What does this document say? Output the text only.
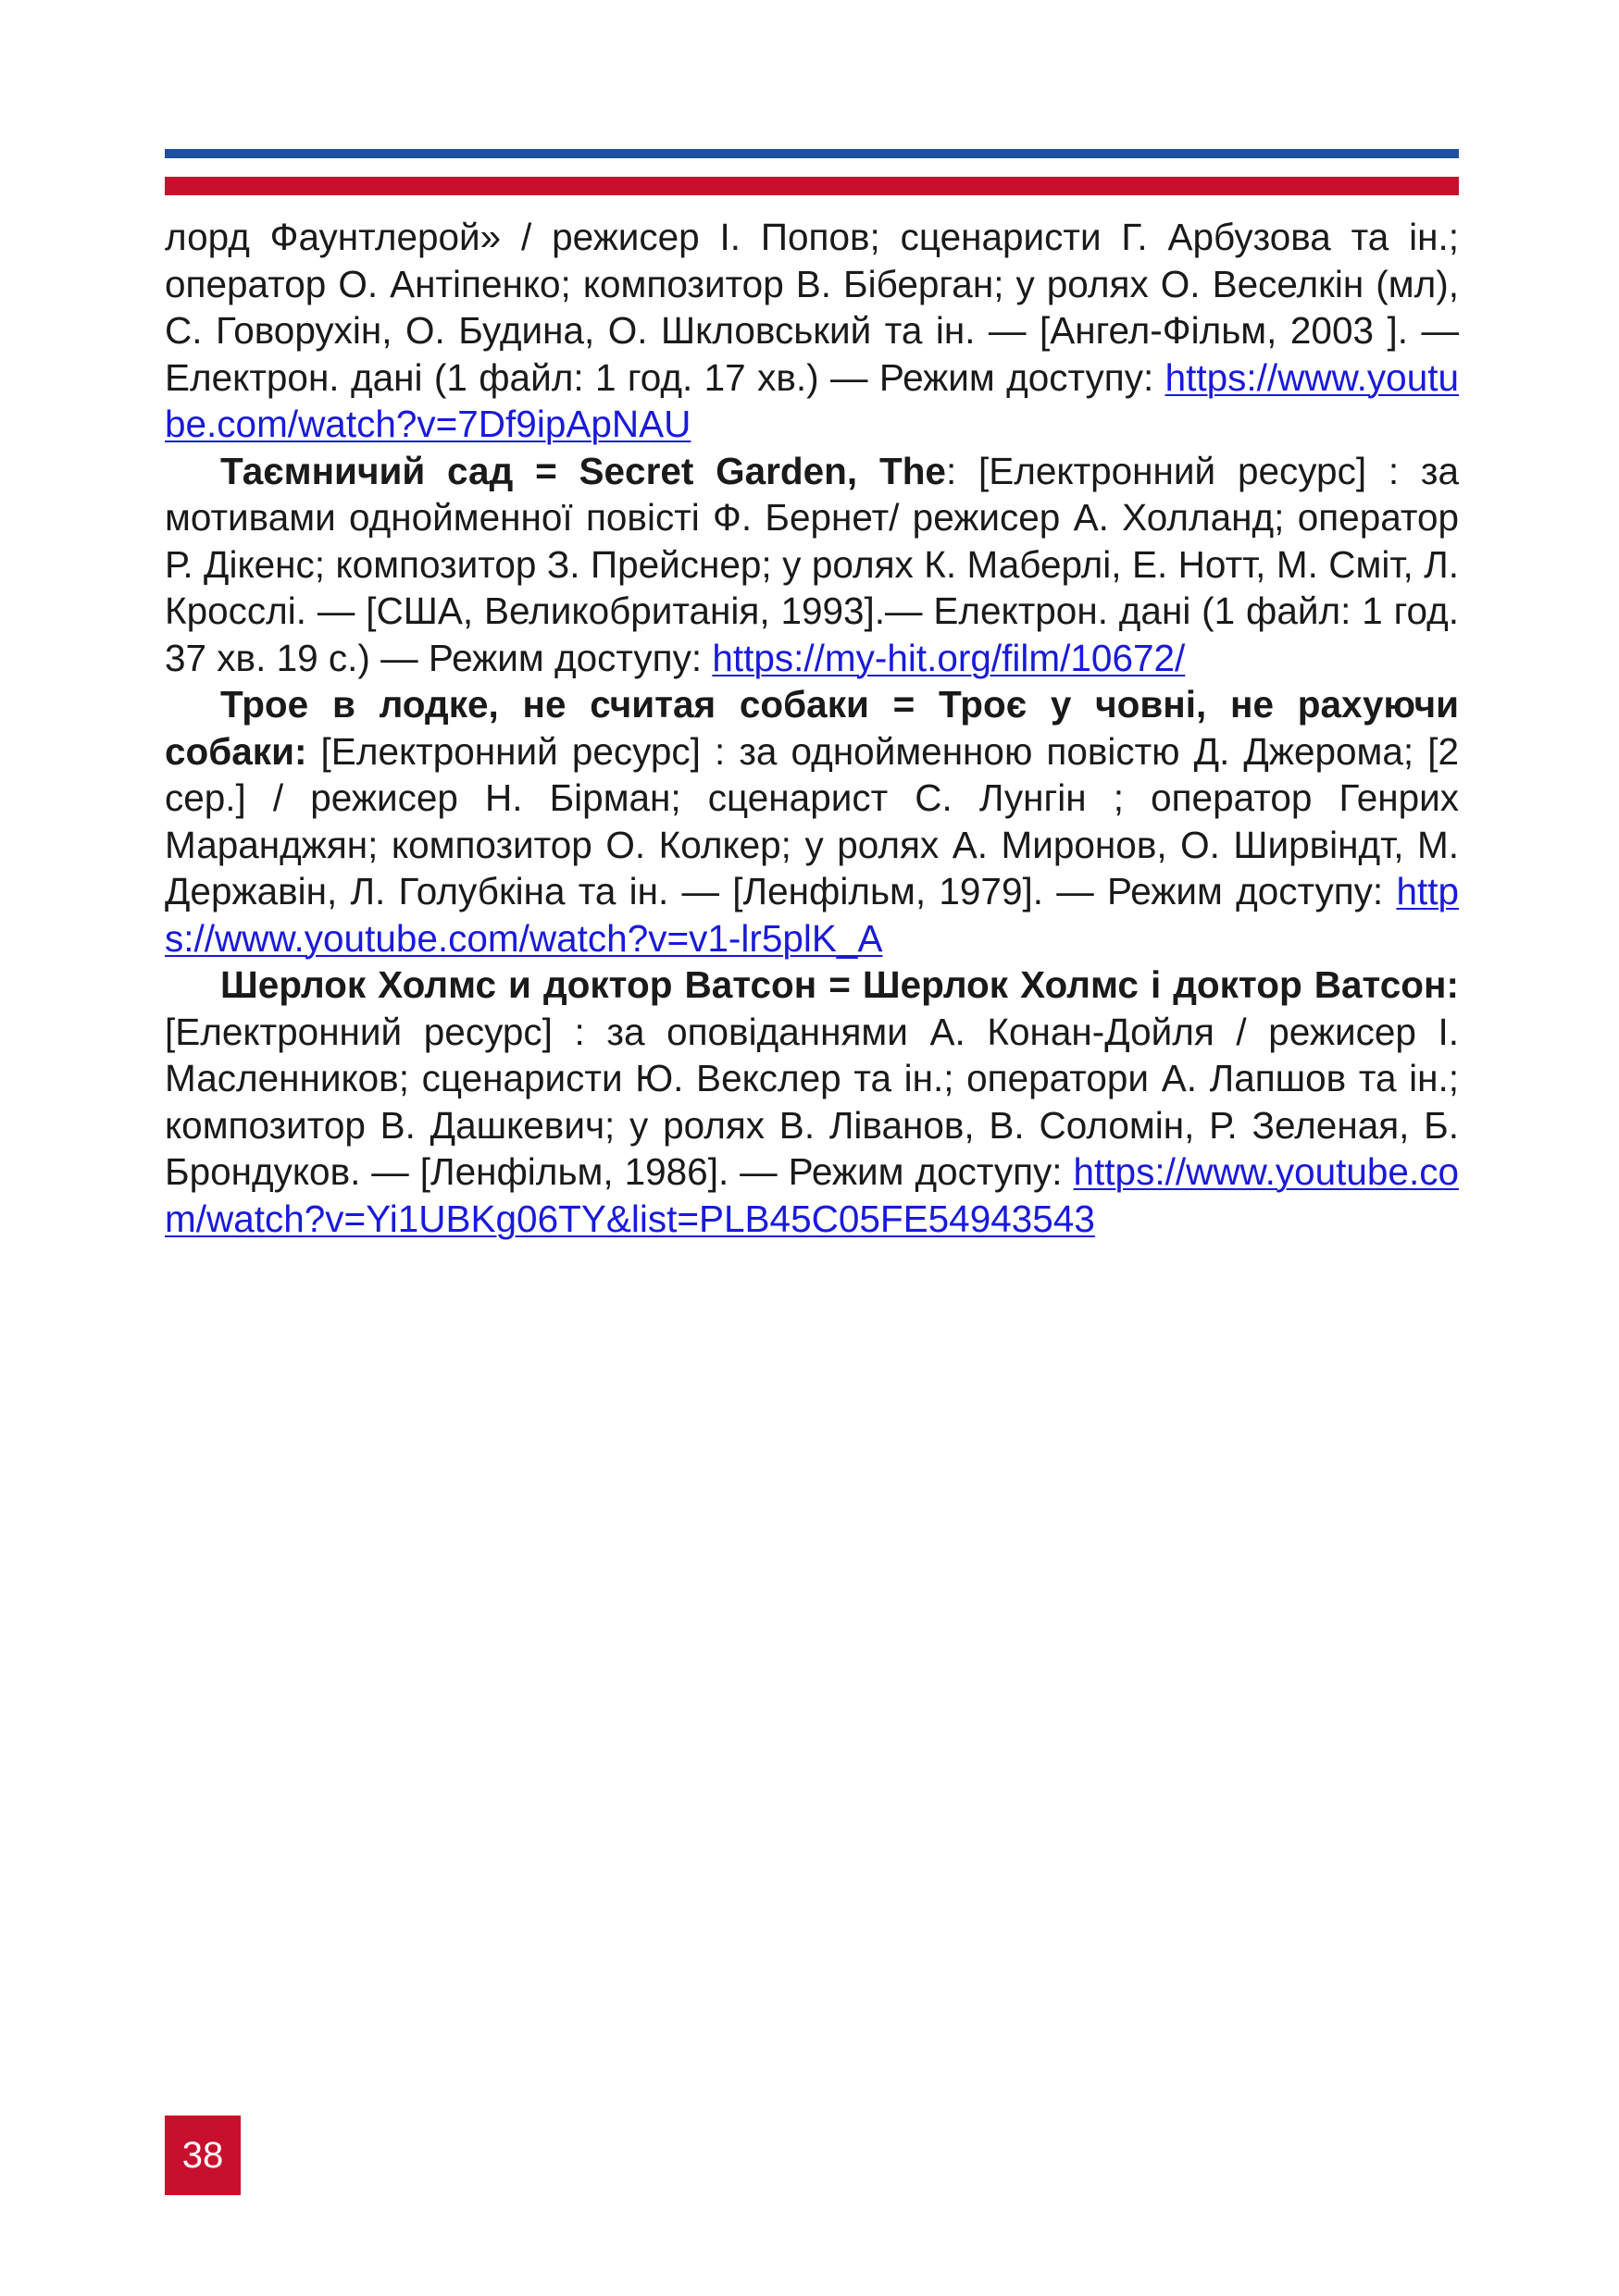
лорд Фаунтлерой» / режисер І. Попов; сценаристи Г. Арбузова та ін.; оператор О. Антіпенко; композитор В. Біберган; у ролях О. Веселкін (мл), С. Говорухін, О. Будина, О. Шкловський та ін. — [Ангел-Фільм, 2003 ]. — Електрон. дані (1 файл: 1 год. 17 хв.) — Режим доступу: https://www.youtube.com/watch?v=7Df9ipApNAU

Таємничий сад = Secret Garden, The: [Електронний ресурс] : за мотивами однойменної повісті Ф. Бернет/ режисер А. Холланд; оператор Р. Дікенс; композитор З. Прейснер; у ролях К. Маберлі, Е. Нотт, М. Сміт, Л. Кросслі. — [США, Великобританія, 1993].— Електрон. дані (1 файл: 1 год. 37 хв. 19 с.) — Режим доступу: https://my-hit.org/film/10672/

Трое в лодке, не считая собаки = Троє у човні, не рахуючи собаки: [Електронний ресурс] : за однойменною повістю Д. Джерома; [2 сер.] / режисер Н. Бірман; сценарист С. Лунгін ; оператор Генрих Маранджян; композитор О. Колкер; у ролях А. Миронов, О. Ширвіндт, М. Державін, Л. Голубкіна та ін. — [Ленфільм, 1979]. — Режим доступу: https://www.youtube.com/watch?v=v1-lr5plK_A

Шерлок Холмс и доктор Ватсон = Шерлок Холмс і доктор Ватсон: [Електронний ресурс] : за оповіданнями А. Конан-Дойля / режисер І. Масленников; сценаристи Ю. Векслер та ін.; оператори А. Лапшов та ін.; композитор В. Дашкевич; у ролях В. Ліванов, В. Соломін, Р. Зеленая, Б. Брондуков. — [Ленфільм, 1986]. — Режим доступу: https://www.youtube.com/watch?v=Yi1UBKg06TY&list=PLB45C05FE54943543

38
